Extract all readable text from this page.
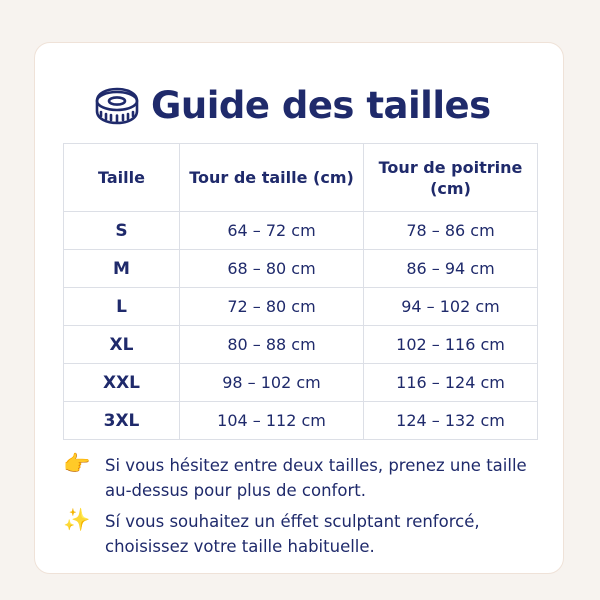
Guide des tailles
Taille	Tour de taille (cm)	Tour de poitrine (cm)
S	64 – 72 cm	78 – 86 cm
M	68 – 80 cm	86 – 94 cm
L	72 – 80 cm	94 – 102 cm
XL	80 – 88 cm	102 – 116 cm
XXL	98 – 102 cm	116 – 124 cm
3XL	104 – 112 cm	124 – 132 cm
👉 Si vous hésitez entre deux tailles, prenez une taille au-dessus pour plus de confort.
✨ Sí vous souhaitez un éffet sculptant renforcé, choisissez votre taille habituelle.
